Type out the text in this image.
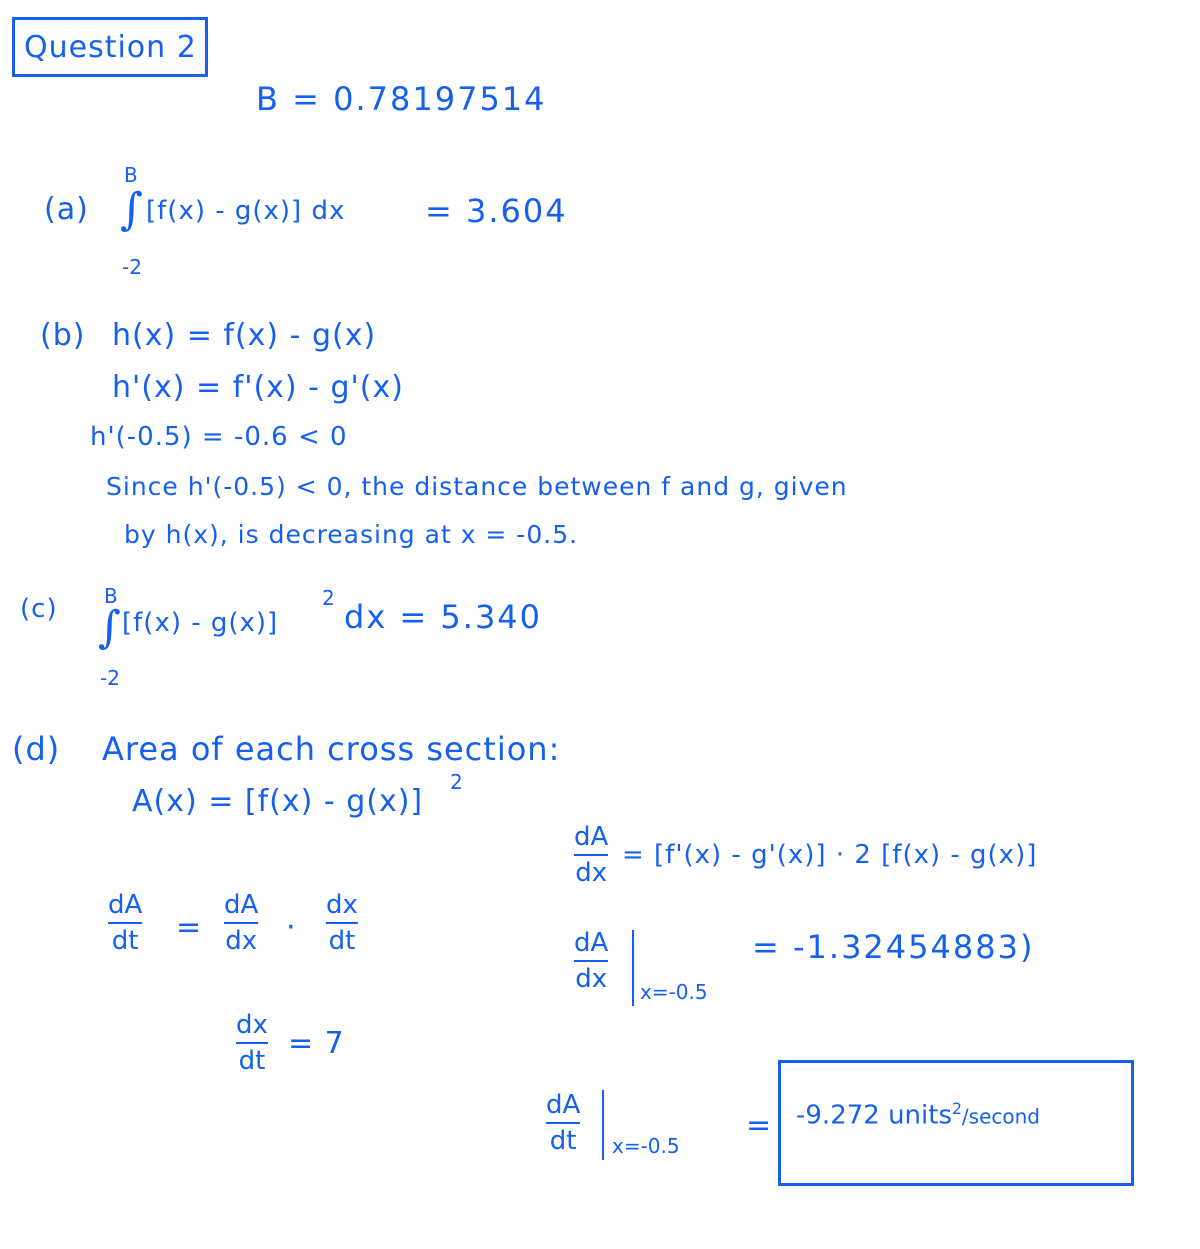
Question 2
B = 0.78197514
(a)
B
∫
-2
[f(x) - g(x)] dx = 3.604
(b) h(x) = f(x) - g(x)
h'(x) = f'(x) - g'(x)
h'(-0.5) = -0.6 < 0
Since h'(-0.5) < 0, the distance between f and g, given
by h(x), is decreasing at x = -0.5.
(c) B
∫
-2
[f(x) - g(x)]
2 dx = 5.340
(d) Area of each cross section:
A(x) = [f(x) - g(x)]
2
dA
dt =
dA
dx ·
dx
dt
dx
dt = 7
dA
dx
= [f'(x) - g'(x)] · 2 [f(x) - g(x)]
dA
dx x=-0.5
= -1.32454883)
dA
dt x=-0.5
= -9.272 units$^2$/second
